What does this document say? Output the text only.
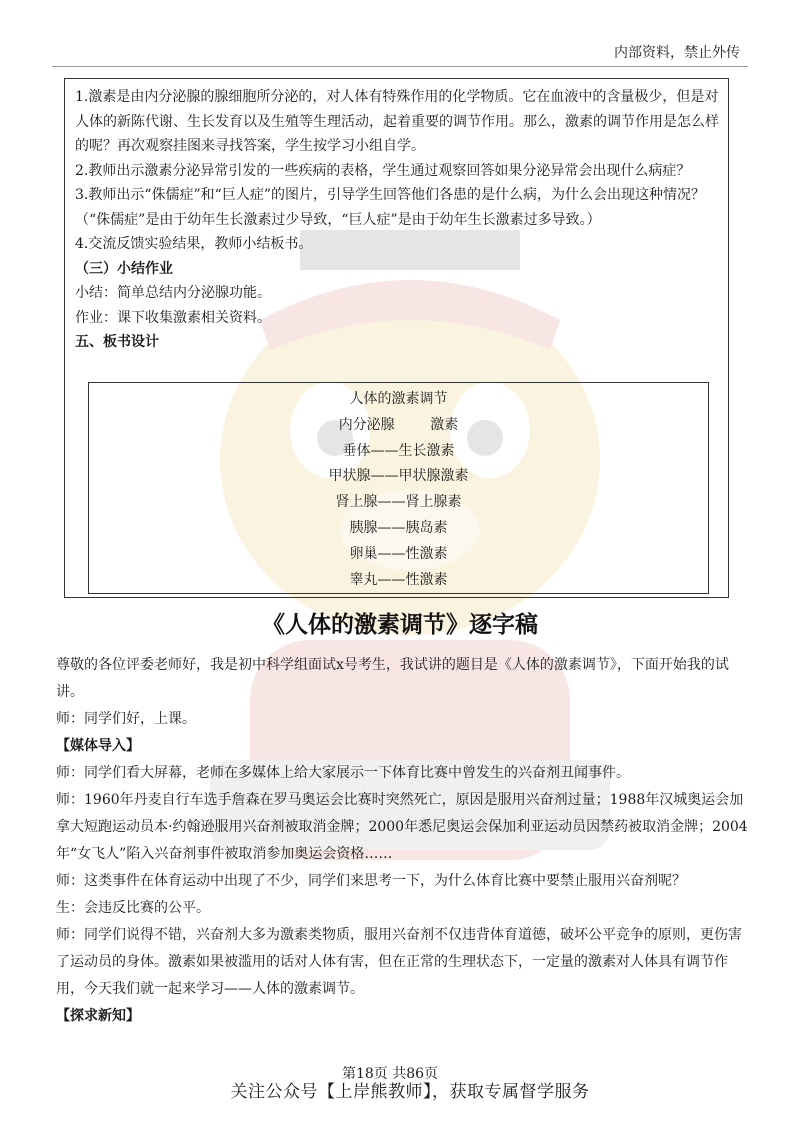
内部资料，禁止外传

1.激素是由内分泌腺的腺细胞所分泌的，对人体有特殊作用的化学物质。它在血液中的含量极少，但是对人体的新陈代谢、生长发育以及生殖等生理活动，起着重要的调节作用。那么，激素的调节作用是怎么样的呢？再次观察挂图来寻找答案，学生按学习小组自学。

2.教师出示激素分泌异常引发的一些疾病的表格，学生通过观察回答如果分泌异常会出现什么病症？

3.教师出示“侏儒症”和“巨人症”的图片，引导学生回答他们各患的是什么病，为什么会出现这种情况？

（“侏儒症”是由于幼年生长激素过少导致，“巨人症”是由于幼年生长激素过多导致。）

4.交流反馈实验结果，教师小结板书。

（三）小结作业

小结：简单总结内分泌腺功能。

作业：课下收集激素相关资料。

五、板书设计

人体的激素调节

内分泌腺        激素

垂体——生长激素

甲状腺——甲状腺激素

肾上腺——肾上腺素

胰腺——胰岛素

卵巢——性激素

睾丸——性激素

《人体的激素调节》逐字稿

尊敬的各位评委老师好，我是初中科学组面试x号考生，我试讲的题目是《人体的激素调节》，下面开始我的试讲。

师：同学们好，上课。

【媒体导入】

师：同学们看大屏幕，老师在多媒体上给大家展示一下体育比赛中曾发生的兴奋剂丑闻事件。

师：1960年丹麦自行车选手詹森在罗马奥运会比赛时突然死亡，原因是服用兴奋剂过量；1988年汉城奥运会加拿大短跑运动员本·约翰逊服用兴奋剂被取消金牌；2000年悉尼奥运会保加利亚运动员因禁药被取消金牌；2004年“女飞人”陷入兴奋剂事件被取消参加奥运会资格……

师：这类事件在体育运动中出现了不少，同学们来思考一下，为什么体育比赛中要禁止服用兴奋剂呢？

生：会违反比赛的公平。

师：同学们说得不错，兴奋剂大多为激素类物质，服用兴奋剂不仅违背体育道德，破坏公平竞争的原则，更伤害了运动员的身体。激素如果被滥用的话对人体有害，但在正常的生理状态下，一定量的激素对人体具有调节作用，今天我们就一起来学习——人体的激素调节。

【探求新知】

第18页 共86页
关注公众号【上岸熊教师】，获取专属督学服务
